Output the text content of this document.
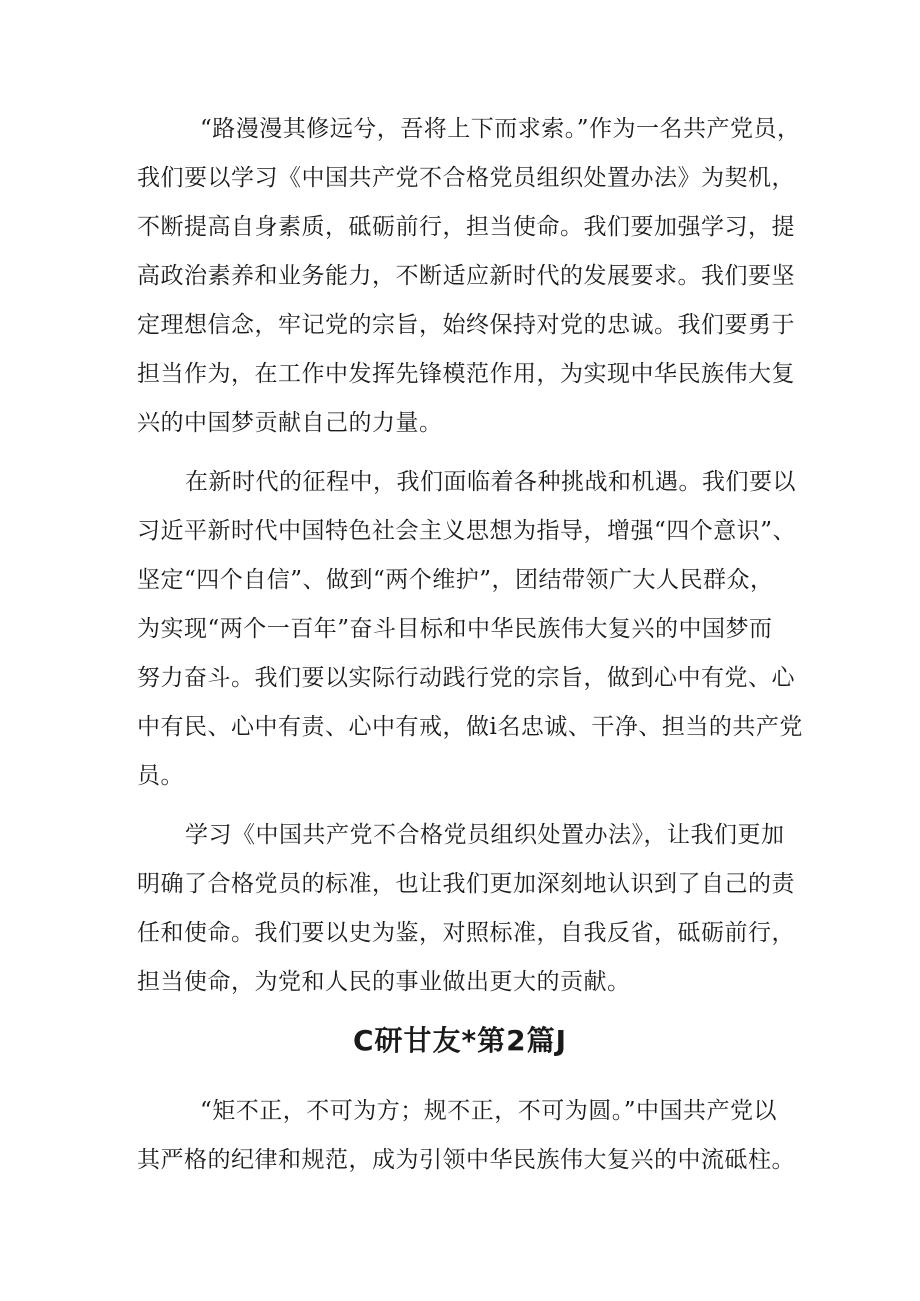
“路漫漫其修远兮，吾将上下而求索。”作为一名共产党员，
我们要以学习《中国共产党不合格党员组织处置办法》为契机，
不断提高自身素质，砥砺前行，担当使命。我们要加强学习，提
高政治素养和业务能力，不断适应新时代的发展要求。我们要坚
定理想信念，牢记党的宗旨，始终保持对党的忠诚。我们要勇于
担当作为，在工作中发挥先锋模范作用，为实现中华民族伟大复
兴的中国梦贡献自己的力量。
在新时代的征程中，我们面临着各种挑战和机遇。我们要以
习近平新时代中国特色社会主义思想为指导，增强“四个意识”、
坚定“四个自信”、做到“两个维护”，团结带领广大人民群众，
为实现“两个一百年”奋斗目标和中华民族伟大复兴的中国梦而
努力奋斗。我们要以实际行动践行党的宗旨，做到心中有党、心
中有民、心中有责、心中有戒，做i名忠诚、干净、担当的共产党
员。
学习《中国共产党不合格党员组织处置办法》，让我们更加
明确了合格党员的标准，也让我们更加深刻地认识到了自己的责
任和使命。我们要以史为鉴，对照标准，自我反省，砥砺前行，
担当使命，为党和人民的事业做出更大的贡献。
C研甘友*第2篇J
“矩不正，不可为方；规不正，不可为圆。”中国共产党以
其严格的纪律和规范，成为引领中华民族伟大复兴的中流砥柱。
